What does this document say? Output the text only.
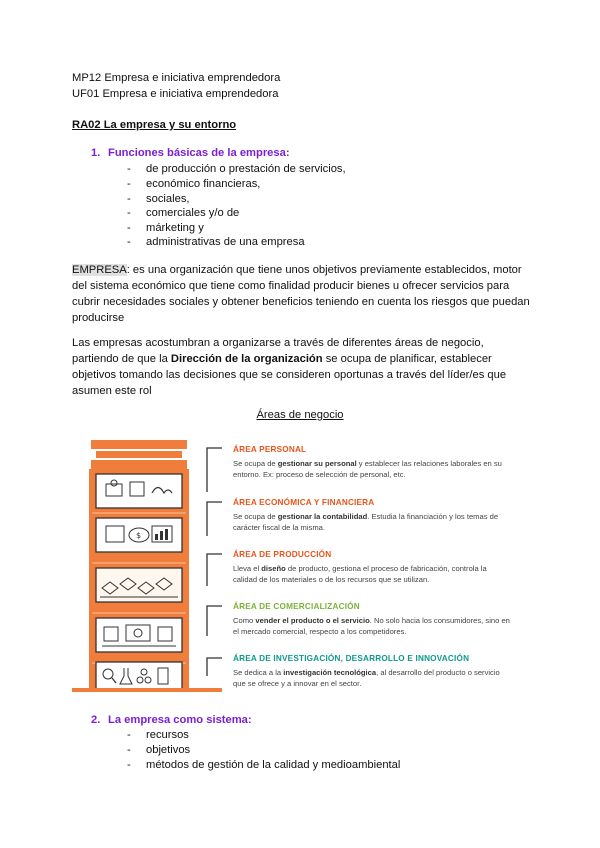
MP12 Empresa e iniciativa emprendedora
UF01 Empresa e iniciativa emprendedora
RA02 La empresa y su entorno
1. Funciones básicas de la empresa:
- de producción o prestación de servicios,
- económico financieras,
- sociales,
- comerciales y/o de
- márketing y
- administrativas de una empresa

EMPRESA: es una organización que tiene unos objetivos previamente establecidos, motor del sistema económico que tiene como finalidad producir bienes u ofrecer servicios para cubrir necesidades sociales y obtener beneficios teniendo en cuenta los riesgos que puedan producirse

Las empresas acostumbran a organizarse a través de diferentes áreas de negocio, partiendo de que la Dirección de la organización se ocupa de planificar, establecer objetivos tomando las decisiones que se consideren oportunas a través del líder/es que asumen este rol

Áreas de negocio
$
ÁREA PERSONAL
Se ocupa de gestionar su personal y establecer las relaciones laborales en su entorno. Ex: proceso de selección de personal, etc.
ÁREA ECONÓMICA Y FINANCIERA
Se ocupa de gestionar la contabilidad. Estudia la financiación y los temas de carácter fiscal de la misma.
ÁREA DE PRODUCCIÓN
Lleva el diseño de producto, gestiona el proceso de fabricación, controla la calidad de los materiales o de los recursos que se utilizan.
ÁREA DE COMERCIALIZACIÓN
Como vender el producto o el servicio. No solo hacia los consumidores, sino en el mercado comercial, respecto a los competidores.
ÁREA DE INVESTIGACIÓN, DESARROLLO E INNOVACIÓN
Se dedica a la investigación tecnológica, al desarrollo del producto o servicio que se ofrece y a innovar en el sector.
2. La empresa como sistema:
- recursos
- objetivos
- métodos de gestión de la calidad y medioambiental
